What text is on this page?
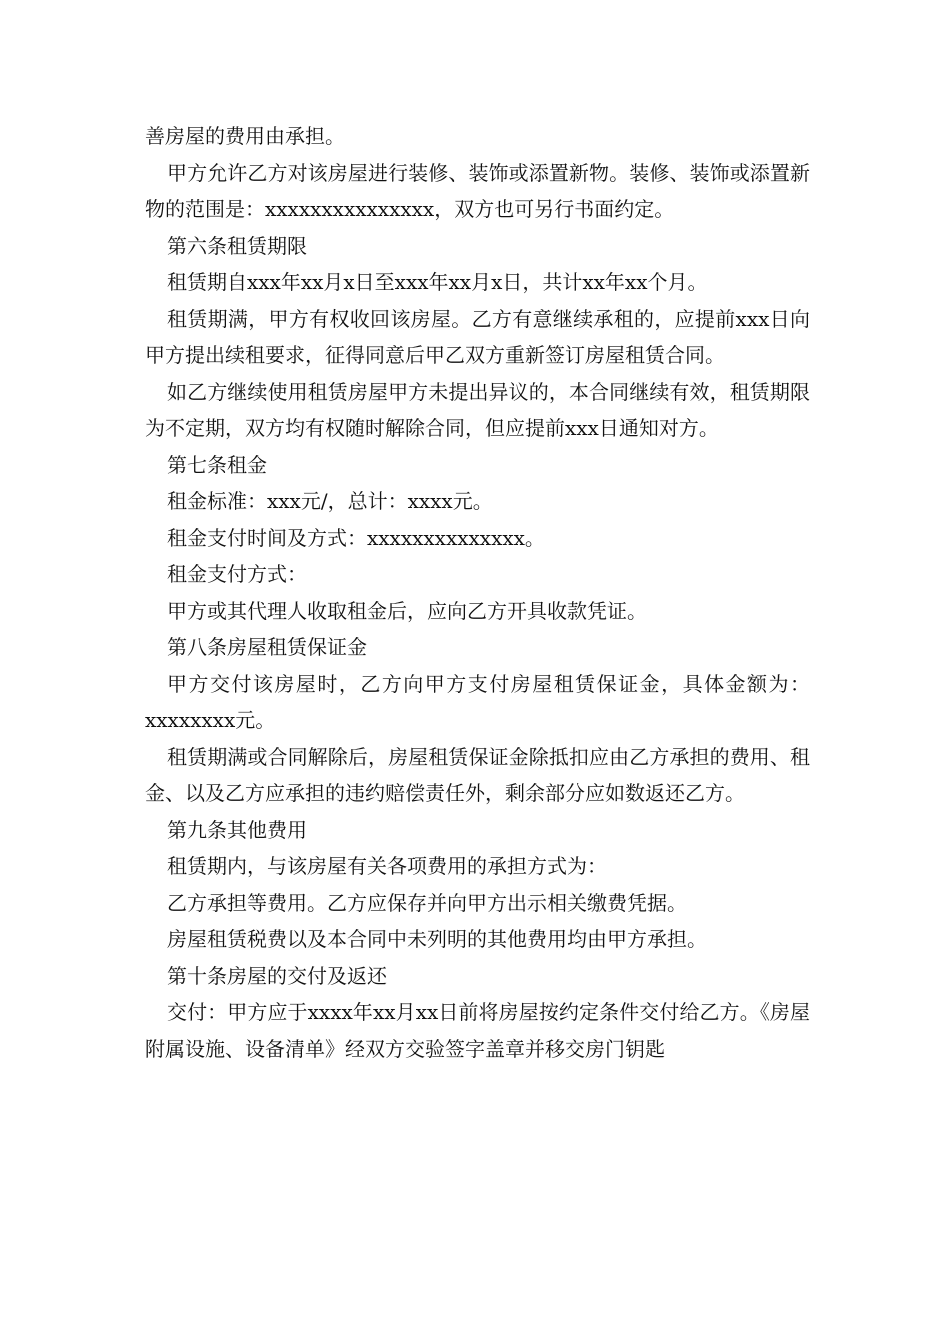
善房屋的费用由承担。

甲方允许乙方对该房屋进行装修、装饰或添置新物。装修、装饰或添置新物的范围是：xxxxxxxxxxxxxxx，双方也可另行书面约定。

第六条租赁期限

租赁期自xxx年xx月x日至xxx年xx月x日，共计xx年xx个月。

租赁期满，甲方有权收回该房屋。乙方有意继续承租的，应提前xxx日向甲方提出续租要求，征得同意后甲乙双方重新签订房屋租赁合同。

如乙方继续使用租赁房屋甲方未提出异议的，本合同继续有效，租赁期限为不定期，双方均有权随时解除合同，但应提前xxx日通知对方。

第七条租金

租金标准：xxx元/，总计：xxxx元。

租金支付时间及方式：xxxxxxxxxxxxxx。

租金支付方式：

甲方或其代理人收取租金后，应向乙方开具收款凭证。

第八条房屋租赁保证金

甲方交付该房屋时，乙方向甲方支付房屋租赁保证金，具体金额为：xxxxxxxx元。

租赁期满或合同解除后，房屋租赁保证金除抵扣应由乙方承担的费用、租金、以及乙方应承担的违约赔偿责任外，剩余部分应如数返还乙方。

第九条其他费用

租赁期内，与该房屋有关各项费用的承担方式为：

乙方承担等费用。乙方应保存并向甲方出示相关缴费凭据。

房屋租赁税费以及本合同中未列明的其他费用均由甲方承担。

第十条房屋的交付及返还

交付：甲方应于xxxx年xx月xx日前将房屋按约定条件交付给乙方。《房屋附属设施、设备清单》经双方交验签字盖章并移交房门钥匙
